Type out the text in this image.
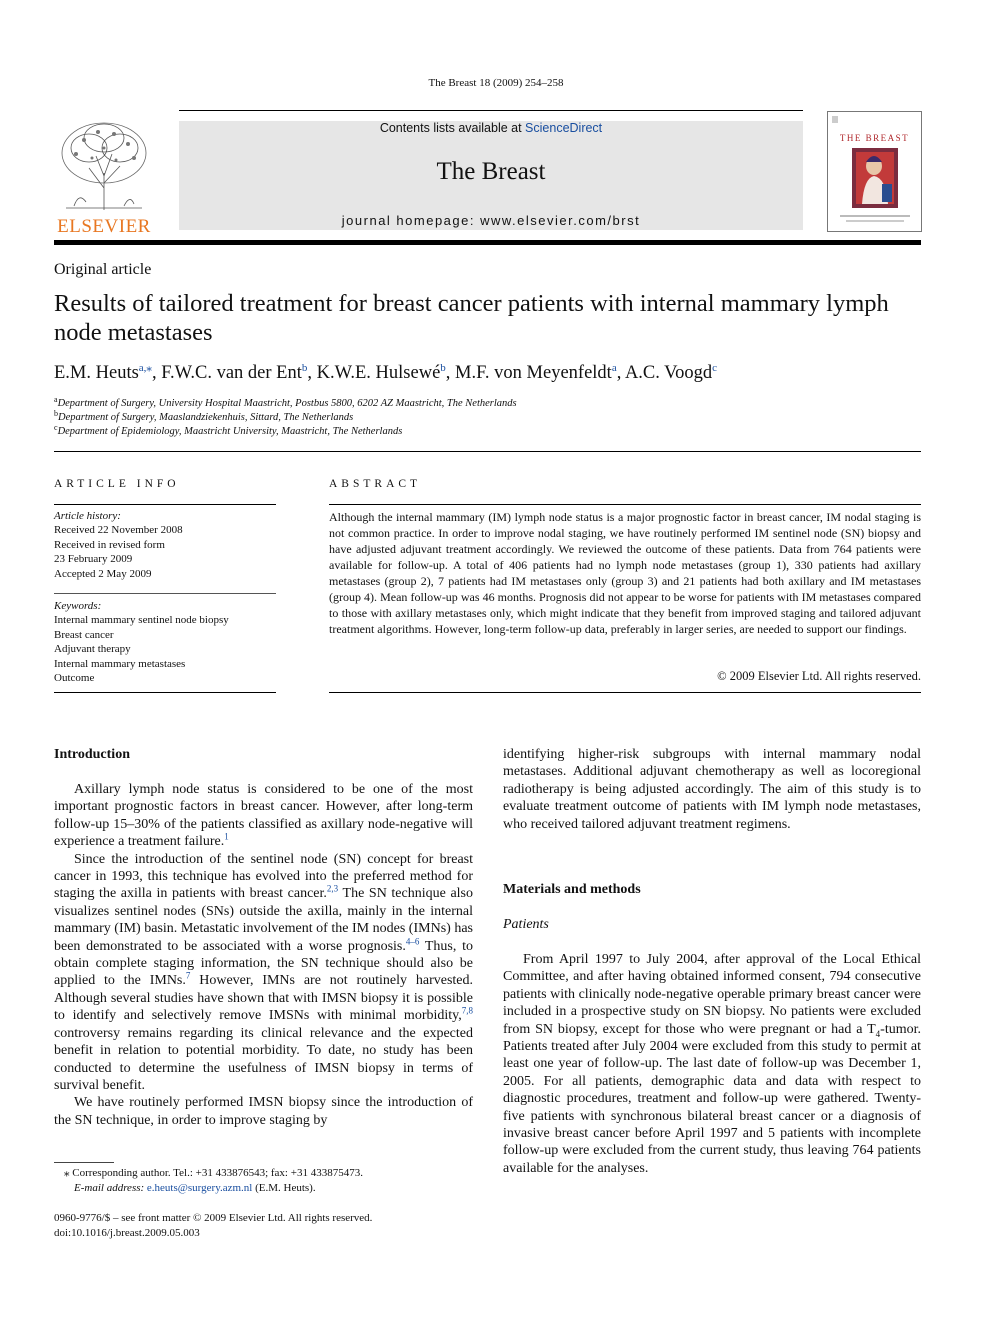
The Breast 18 (2009) 254–258
ELSEVIER
Contents lists available at ScienceDirect
The Breast
journal homepage: www.elsevier.com/brst
THE BREAST
Original article
Results of tailored treatment for breast cancer patients with internal mammary lymph node metastases
E.M. Heuts$^{a,⁎}$, F.W.C. van der Ent$^b$, K.W.E. Hulsewé$^b$, M.F. von Meyenfeldt$^a$, A.C. Voogd$^c$
$^a$Department of Surgery, University Hospital Maastricht, Postbus 5800, 6202 AZ Maastricht, The Netherlands
$^b$Department of Surgery, Maaslandziekenhuis, Sittard, The Netherlands
$^c$Department of Epidemiology, Maastricht University, Maastricht, The Netherlands
ARTICLE INFO
Article history:
Received 22 November 2008
Received in revised form
23 February 2009
Accepted 2 May 2009
Keywords:
Internal mammary sentinel node biopsy
Breast cancer
Adjuvant therapy
Internal mammary metastases
Outcome
ABSTRACT
Although the internal mammary (IM) lymph node status is a major prognostic factor in breast cancer, IM nodal staging is not common practice. In order to improve nodal staging, we have routinely performed IM sentinel node (SN) biopsy and have adjusted adjuvant treatment accordingly. We reviewed the outcome of these patients. Data from 764 patients were available for follow-up. A total of 406 patients had no lymph node metastases (group 1), 330 patients had axillary metastases (group 2), 7 patients had IM metastases only (group 3) and 21 patients had both axillary and IM metastases (group 4). Mean follow-up was 46 months. Prognosis did not appear to be worse for patients with IM metastases compared to those with axillary metastases only, which might indicate that they benefit from improved staging and tailored adjuvant treatment algorithms. However, long-term follow-up data, preferably in larger series, are needed to support our findings.
© 2009 Elsevier Ltd. All rights reserved.
Introduction

Axillary lymph node status is considered to be one of the most important prognostic factors in breast cancer. However, after long-term follow-up 15–30% of the patients classified as axillary node-negative will experience a treatment failure.$^1$

Since the introduction of the sentinel node (SN) concept for breast cancer in 1993, this technique has evolved into the preferred method for staging the axilla in patients with breast cancer.$^{2,3}$ The SN technique also visualizes sentinel nodes (SNs) outside the axilla, mainly in the internal mammary (IM) basin. Metastatic involvement of the IM nodes (IMNs) has been demonstrated to be associated with a worse prognosis.$^{4-6}$ Thus, to obtain complete staging information, the SN technique should also be applied to the IMNs.$^7$ However, IMNs are not routinely harvested. Although several studies have shown that with IMSN biopsy it is possible to identify and selectively remove IMSNs with minimal morbidity,$^{7,8}$ controversy remains regarding its clinical relevance and the expected benefit in relation to potential morbidity. To date, no study has been conducted to determine the usefulness of IMSN biopsy in terms of survival benefit.

We have routinely performed IMSN biopsy since the introduction of the SN technique, in order to improve staging by

⁎ Corresponding author. Tel.: +31 433876543; fax: +31 433875473.
E-mail address: e.heuts@surgery.azm.nl (E.M. Heuts).
0960-9776/$ – see front matter © 2009 Elsevier Ltd. All rights reserved.
doi:10.1016/j.breast.2009.05.003

identifying higher-risk subgroups with internal mammary nodal metastases. Additional adjuvant chemotherapy as well as locoregional radiotherapy is being adjusted accordingly. The aim of this study is to evaluate treatment outcome of patients with IM lymph node metastases, who received tailored adjuvant treatment regimens.

Materials and methods
Patients

From April 1997 to July 2004, after approval of the Local Ethical Committee, and after having obtained informed consent, 794 consecutive patients with clinically node-negative operable primary breast cancer were included in a prospective study on SN biopsy. No patients were excluded from SN biopsy, except for those who were pregnant or had a $T_4$-tumor. Patients treated after July 2004 were excluded from this study to permit at least one year of follow-up. The last date of follow-up was December 1, 2005. For all patients, demographic data and data with respect to diagnostic procedures, treatment and follow-up were gathered. Twenty-five patients with synchronous bilateral breast cancer or a diagnosis of invasive breast cancer before April 1997 and 5 patients with incomplete follow-up were excluded from the current study, thus leaving 764 patients available for the analyses.
